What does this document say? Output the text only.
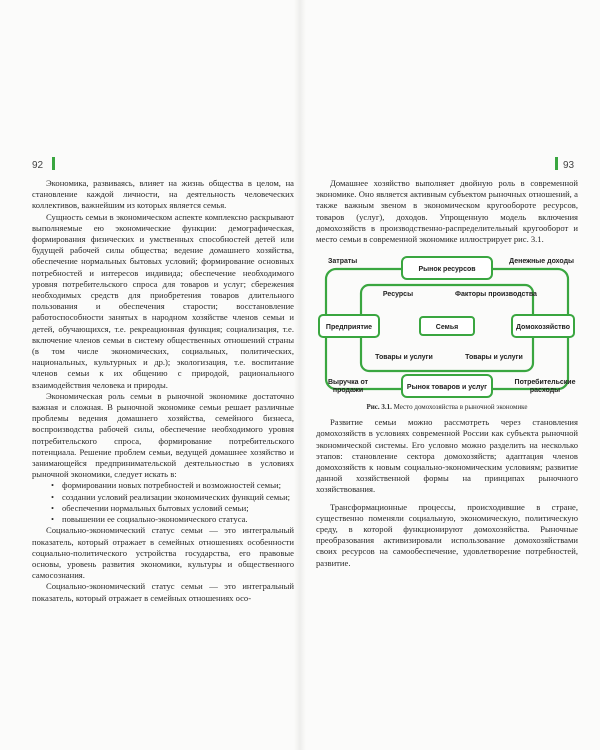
92

Экономика, развиваясь, влияет на жизнь общества в целом, на становление каждой личности, на деятельность человеческих коллективов, важнейшим из которых является семья.

Сущность семьи в экономическом аспекте комплексно раскрывают выполняемые ею экономические функции: демографическая, формирования физических и умственных способностей детей или будущей рабочей силы общества; ведение домашнего хозяйства, обеспечение нормальных бытовых условий; формирование основных потребностей и интересов индивида; обеспечение необходимого уровня потребительского спроса для товаров и услуг; сбережения необходимых средств для приобретения товаров длительного пользования и обеспечения старости; восстановление работоспособности занятых в народном хозяйстве членов семьи и детей, обучающихся, т.е. рекреационная функция; социализация, т.е. включение членов семьи в систему общественных отношений страны (в том числе экономических, социальных, политических, национальных, культурных и др.); экологизация, т.е. воспитание членов семьи к их общению с природой, рационального взаимодействия человека и природы.

Экономическая роль семьи в рыночной экономике достаточно важная и сложная. В рыночной экономике семьи решает различные проблемы ведения домашнего хозяйства, семейного бизнеса, воспроизводства рабочей силы, обеспечение необходимого уровня потребительского спроса, формирование потребительского потенциала. Решение проблем семьи, ведущей домашнее хозяйство и занимающейся предпринимательской деятельностью в условиях рыночной экономики, следует искать в:

• формировании новых потребностей и возможностей семьи;
• создании условий реализации экономических функций семьи;
• обеспечении нормальных бытовых условий семьи;
• повышении ее социально-экономического статуса.

Социально-экономический статус семьи — это интегральный показатель, который отражает в семейных отношениях особенности социально-политического устройства государства, его правовые основы, уровень развития экономики, культуры и общественного самосознания.

Социально-экономический статус семьи — это интегральный показатель, который отражает в семейных отношениях осо-

93

Домашнее хозяйство выполняет двойную роль в современной экономике. Оно является активным субъектом рыночных отношений, а также важным звеном в экономическом кругообороте ресурсов, товаров (услуг), доходов. Упрощенную модель включения домохозяйств в производственно-распределительный кругооборот и место семьи в современной экономике иллюстрирует рис. 3.1.

Затраты
Рынок ресурсов
Денежные доходы
Ресурсы	Факторы производства
Предприятие	Семья	Домохозяйство
Товары и услуги	Товары и услуги
Рынок товаров и услуг
Выручка от продажи
Потребительские расходы
Рис. 3.1. Место домохозяйства в рыночной экономике

Развитие семьи можно рассмотреть через становления домохозяйств в условиях современной России как субъекта рыночной экономической системы. Его условно можно разделить на несколько этапов: становление сектора домохозяйств; адаптация членов домохозяйств к новым социально-экономическим условиям; развитие данной хозяйственной формы на принципах рыночного хозяйствования.

Трансформационные процессы, происходившие в стране, существенно поменяли социальную, экономическую, политическую среду, в которой функционируют домохозяйства. Рыночные преобразования активизировали использование домохозяйствами своих ресурсов на самообеспечение, удовлетворение потребностей, развитие.
